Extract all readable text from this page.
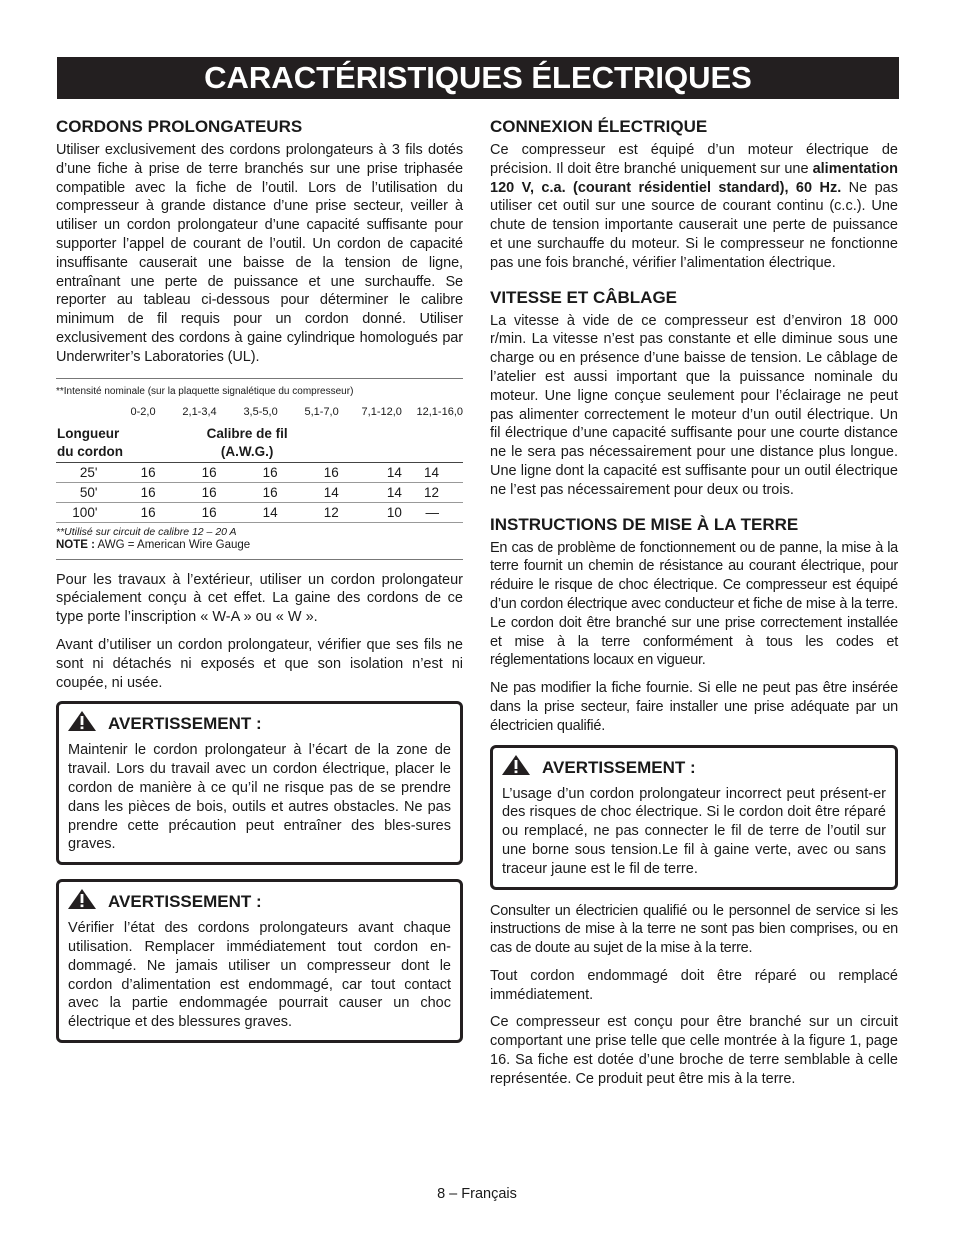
CARACTÉRISTIQUES ÉLECTRIQUES
CORDONS PROLONGATEURS

Utiliser exclusivement des cordons prolongateurs à 3 fils dotés d’une fiche à prise de terre branchés sur une prise triphasée compatible avec la fiche de l’outil. Lors de l’utilisation du compresseur à grande distance d’une prise secteur, veiller à utiliser un cordon prolongateur d’une capacité suffisante pour supporter l’appel de courant de l’outil. Un cordon de capacité insuffisante causerait une baisse de la tension de ligne, entraînant une perte de puissance et une surchauffe. Se reporter au tableau ci-dessous pour déterminer le calibre minimum de fil requis pour un cordon donné. Utiliser exclusivement des cordons à gaine cylindrique homologués par Underwriter’s Laboratories (UL).

**Intensité nominale (sur la plaquette signalétique du compresseur)
	0-2,0	2,1-3,4	3,5-5,0	5,1-7,0	7,1-12,0	12,1-16,0
Longueur
du cordon		Calibre de fil
(A.W.G.)				
25'	16	16	16	16	14	14
50'	16	16	16	14	14	12
100'	16	16	14	12	10	—
**Utilisé sur circuit de calibre 12 – 20 A
NOTE : AWG = American Wire Gauge

Pour les travaux à l’extérieur, utiliser un cordon prolongateur spécialement conçu à cet effet. La gaine des cordons de ce type porte l’inscription « W-A » ou « W ».

Avant d’utiliser un cordon prolongateur, vérifier que ses fils ne sont ni détachés ni exposés et que son isolation n’est ni coupée, ni usée.

AVERTISSEMENT :

Maintenir le cordon prolongateur à l’écart de la zone de travail. Lors du travail avec un cordon électrique, placer le cordon de manière à ce qu’il ne risque pas de se prendre dans les pièces de bois, outils et autres obstacles. Ne pas prendre cette précaution peut entraîner des bles-sures graves.

AVERTISSEMENT :

Vérifier l’état des cordons prolongateurs avant chaque utilisation. Remplacer immédiatement tout cordon en-dommagé. Ne jamais utiliser un compresseur dont le cordon d’alimentation est endommagé, car tout contact avec la partie endommagée pourrait causer un choc électrique et des blessures graves.

CONNEXION ÉLECTRIQUE

Ce compresseur est équipé d’un moteur électrique de précision. Il doit être branché uniquement sur une alimentation 120 V, c.a. (courant résidentiel standard), 60 Hz. Ne pas utiliser cet outil sur une source de courant continu (c.c.). Une chute de tension importante causerait une perte de puissance et une surchauffe du moteur. Si le compresseur ne fonctionne pas une fois branché, vérifier l’alimentation électrique.

VITESSE ET CÂBLAGE

La vitesse à vide de ce compresseur est d’environ 18 000 r/min. La vitesse n’est pas constante et elle diminue sous une charge ou en présence d’une baisse de tension. Le câblage de l’atelier est aussi important que la puissance nominale du moteur. Une ligne conçue seulement pour l’éclairage ne peut pas alimenter correctement le moteur d’un outil électrique. Un fil électrique d’une capacité suffisante pour une courte distance ne le sera pas nécessairement pour une distance plus longue. Une ligne dont la capacité est suffisante pour un outil électrique ne l’est pas nécessairement pour deux ou trois.

INSTRUCTIONS DE MISE À LA TERRE

En cas de problème de fonctionnement ou de panne, la mise à la terre fournit un chemin de résistance au courant électrique, pour réduire le risque de choc électrique. Ce compresseur est équipé d’un cordon électrique avec conducteur et fiche de mise à la terre. Le cordon doit être branché sur une prise correctement installée et mise à la terre conformément à tous les codes et réglementations locaux en vigueur.

Ne pas modifier la fiche fournie. Si elle ne peut pas être insérée dans la prise secteur, faire installer une prise adéquate par un électricien qualifié.

AVERTISSEMENT :

L’usage d’un cordon prolongateur incorrect peut présent-er des risques de choc électrique. Si le cordon doit être réparé ou remplacé, ne pas connecter le fil de terre de l’outil sur une borne sous tension.Le fil à gaine verte, avec ou sans traceur jaune est le fil de terre.

Consulter un électricien qualifié ou le personnel de service si les instructions de mise à la terre ne sont pas bien comprises, ou en cas de doute au sujet de la mise à la terre.

Tout cordon endommagé doit être réparé ou remplacé immédiatement.

Ce compresseur est conçu pour être branché sur un circuit comportant une prise telle que celle montrée à la figure 1, page 16. Sa fiche est dotée d’une broche de terre semblable à celle représentée. Ce produit peut être mis à la terre.

8 – Français
